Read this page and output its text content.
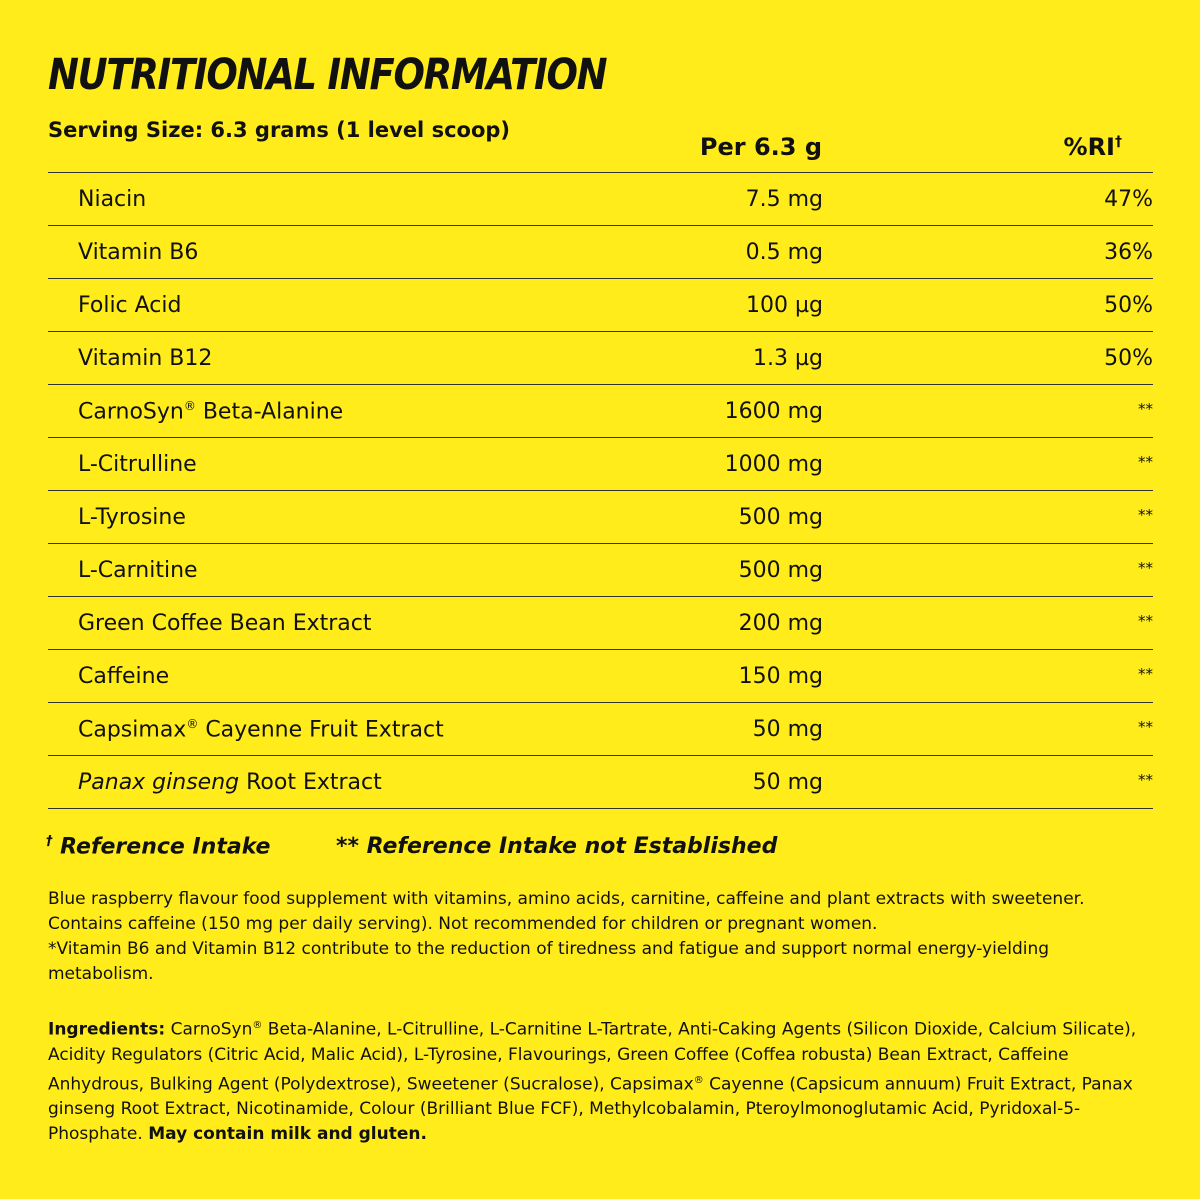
NUTRITIONAL INFORMATION
Serving Size: 6.3 grams (1 level scoop)
Per 6.3 g	%RI†
Niacin	7.5 mg	47%
Vitamin B6	0.5 mg	36%
Folic Acid	100 µg	50%
Vitamin B12	1.3 µg	50%
CarnoSyn® Beta-Alanine	1600 mg	**
L-Citrulline	1000 mg	**
L-Tyrosine	500 mg	**
L-Carnitine	500 mg	**
Green Coffee Bean Extract	200 mg	**
Caffeine	150 mg	**
Capsimax® Cayenne Fruit Extract	50 mg	**
Panax ginseng Root Extract	50 mg	**
† Reference Intake	** Reference Intake not Established

Blue raspberry flavour food supplement with vitamins, amino acids, carnitine, caffeine and plant extracts with sweetener. Contains caffeine (150 mg per daily serving). Not recommended for children or pregnant women.
*Vitamin B6 and Vitamin B12 contribute to the reduction of tiredness and fatigue and support normal energy-yielding metabolism.

Ingredients: CarnoSyn® Beta-Alanine, L-Citrulline, L-Carnitine L-Tartrate, Anti-Caking Agents (Silicon Dioxide, Calcium Silicate), Acidity Regulators (Citric Acid, Malic Acid), L-Tyrosine, Flavourings, Green Coffee (Coffea robusta) Bean Extract, Caffeine Anhydrous, Bulking Agent (Polydextrose), Sweetener (Sucralose), Capsimax® Cayenne (Capsicum annuum) Fruit Extract, Panax ginseng Root Extract, Nicotinamide, Colour (Brilliant Blue FCF), Methylcobalamin, Pteroylmonoglutamic Acid, Pyridoxal-5-Phosphate. May contain milk and gluten.
